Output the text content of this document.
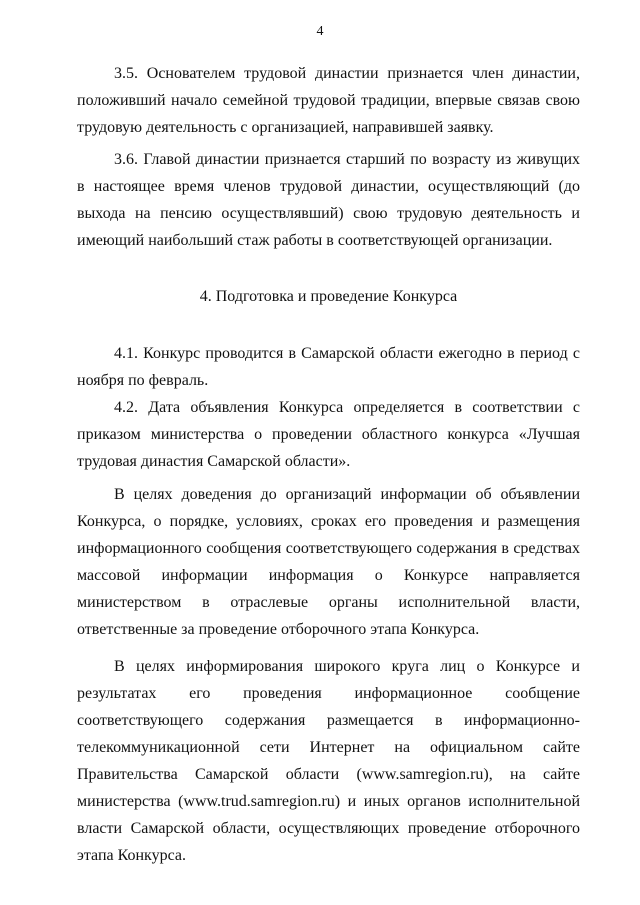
4

3.5. Основателем трудовой династии признается член династии, положивший начало семейной трудовой традиции, впервые связав свою трудовую деятельность с организацией, направившей заявку.

3.6. Главой династии признается старший по возрасту из живущих в настоящее время членов трудовой династии, осуществляющий (до выхода на пенсию осуществлявший) свою трудовую деятельность и имеющий наибольший стаж работы в соответствующей организации.

4. Подготовка и проведение Конкурса

4.1. Конкурс проводится в Самарской области ежегодно в период с ноября по февраль.

4.2. Дата объявления Конкурса определяется в соответствии с приказом министерства о проведении областного конкурса «Лучшая трудовая династия Самарской области».

В целях доведения до организаций информации об объявлении Конкурса, о порядке, условиях, сроках его проведения и размещения информационного сообщения соответствующего содержания в средствах массовой информации информация о Конкурсе направляется министерством в отраслевые органы исполнительной власти, ответственные за проведение отборочного этапа Конкурса.

В целях информирования широкого круга лиц о Конкурсе и результатах его проведения информационное сообщение соответствующего содержания размещается в информационно-телекоммуникационной сети Интернет на официальном сайте Правительства Самарской области (www.samregion.ru), на сайте министерства (www.trud.samregion.ru) и иных органов исполнительной власти Самарской области, осуществляющих проведение отборочного этапа Конкурса.
